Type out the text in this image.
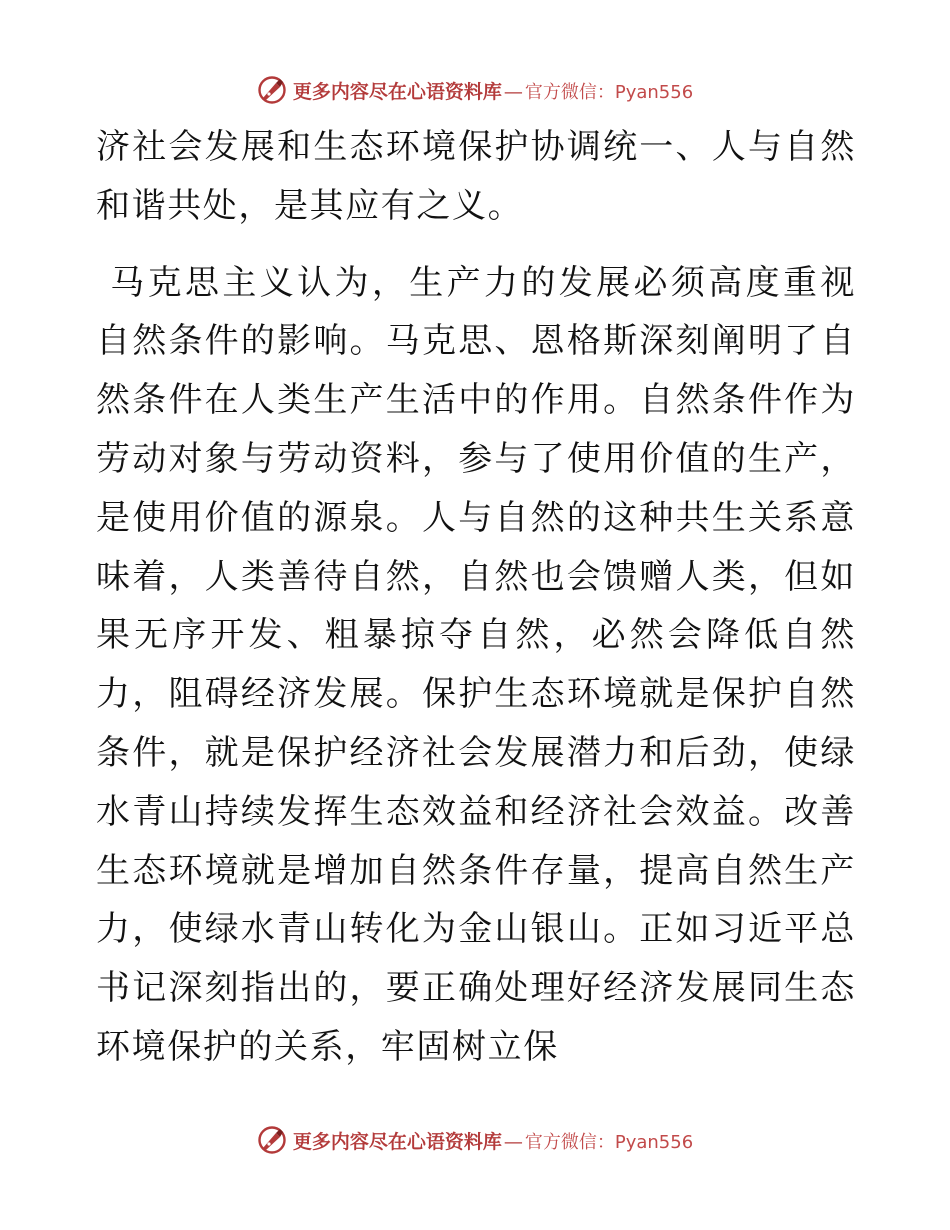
更多内容尽在心语资料库 — 官方微信：Pyan556

济社会发展和生态环境保护协调统一、人与自然和谐共处，是其应有之义。

马克思主义认为，生产力的发展必须高度重视自然条件的影响。马克思、恩格斯深刻阐明了自然条件在人类生产生活中的作用。自然条件作为劳动对象与劳动资料，参与了使用价值的生产，是使用价值的源泉。人与自然的这种共生关系意味着，人类善待自然，自然也会馈赠人类，但如果无序开发、粗暴掠夺自然，必然会降低自然力，阻碍经济发展。保护生态环境就是保护自然条件，就是保护经济社会发展潜力和后劲，使绿水青山持续发挥生态效益和经济社会效益。改善生态环境就是增加自然条件存量，提高自然生产力，使绿水青山转化为金山银山。正如习近平总书记深刻指出的，要正确处理好经济发展同生态环境保护的关系，牢固树立保

更多内容尽在心语资料库 — 官方微信：Pyan556
